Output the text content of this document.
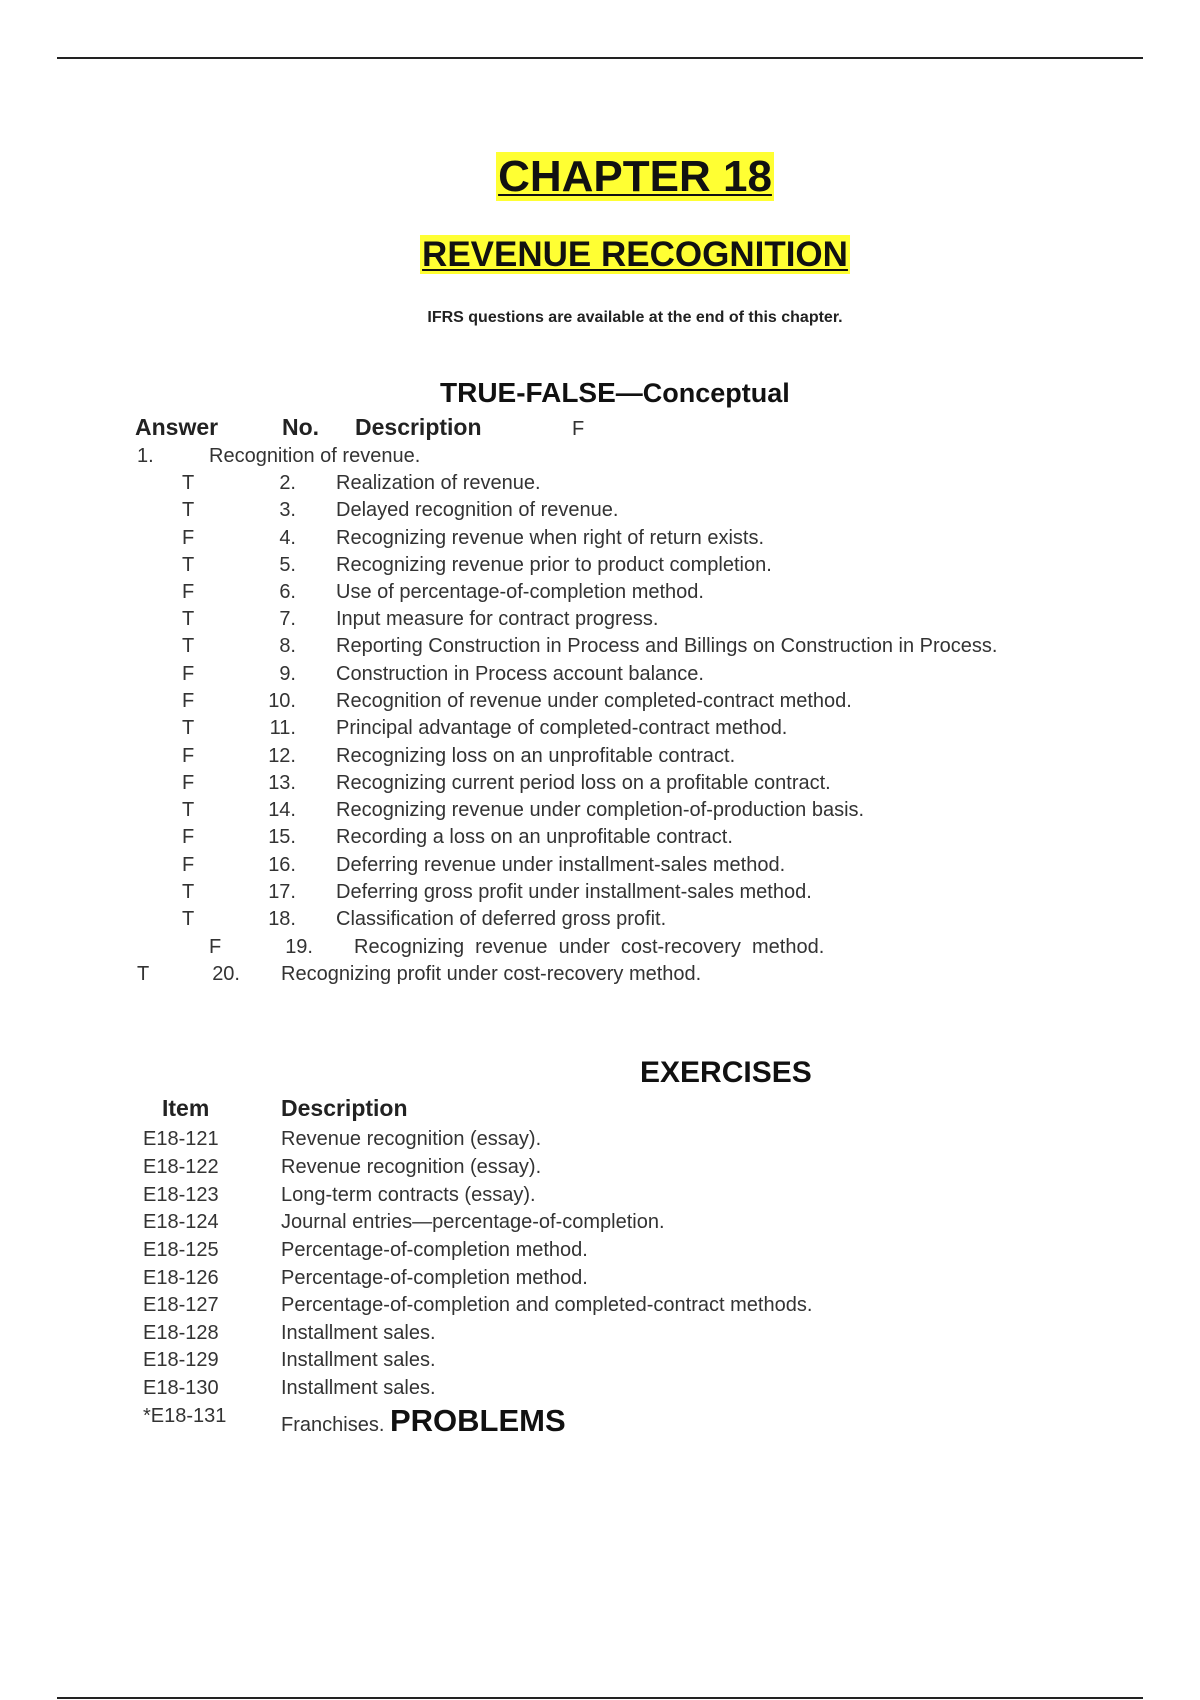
CHAPTER 18
REVENUE RECOGNITION
IFRS questions are available at the end of this chapter.
TRUE-FALSE—Conceptual
Answer	No. Description	F
1.	Recognition of revenue.
T	2. Realization of revenue.
T	3. Delayed recognition of revenue.
F	4. Recognizing revenue when right of return exists.
T	5. Recognizing revenue prior to product completion.
F	6. Use of percentage-of-completion method.
T	7. Input measure for contract progress.
T	8. Reporting Construction in Process and Billings on Construction in Process.
F	9. Construction in Process account balance.
F	10. Recognition of revenue under completed-contract method.
T	11. Principal advantage of completed-contract method.
F	12. Recognizing loss on an unprofitable contract.
F	13. Recognizing current period loss on a profitable contract.
T	14. Recognizing revenue under completion-of-production basis.
F	15. Recording a loss on an unprofitable contract.
F	16. Deferring revenue under installment-sales method.
T	17. Deferring gross profit under installment-sales method.
T	18. Classification of deferred gross profit.
F	19. Recognizing  revenue  under  cost-recovery  method.
T	20. Recognizing profit under cost-recovery method.
EXERCISES
Item	Description
E18-121	Revenue recognition (essay).
E18-122	Revenue recognition (essay).
E18-123	Long-term contracts (essay).
E18-124	Journal entries—percentage-of-completion.
E18-125	Percentage-of-completion method.
E18-126	Percentage-of-completion method.
E18-127	Percentage-of-completion and completed-contract methods.
E18-128	Installment sales.
E18-129	Installment sales.
E18-130	Installment sales.
*E18-131	Franchises. PROBLEMS
